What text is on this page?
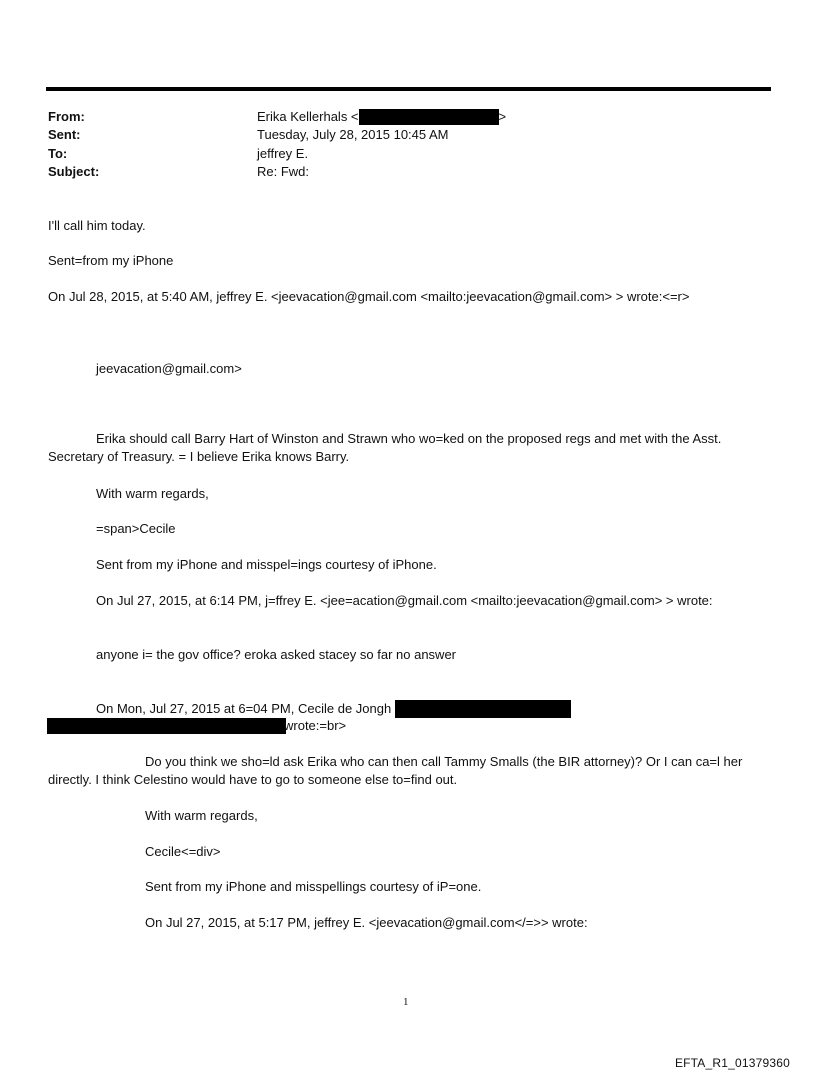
From:	Erika Kellerhals <	>
Sent:	Tuesday, July 28, 2015 10:45 AM
To:	jeffrey E.
Subject:	Re: Fwd:
I'll call him today.
Sent=from my iPhone
On Jul 28, 2015, at 5:40 AM, jeffrey E. <jeevacation@gmail.com <mailto:jeevacation@gmail.com> > wrote:<=r>
jeevacation@gmail.com>
Erika should call Barry Hart of Winston and Strawn who wo=ked on the proposed regs and met with the Asst.
Secretary of Treasury. = I believe Erika knows Barry.
With warm regards,
=span>Cecile
Sent from my iPhone and misspel=ings courtesy of iPhone.
On Jul 27, 2015, at 6:14 PM, j=ffrey E. <jee=acation@gmail.com <mailto:jeevacation@gmail.com> > wrote:
anyone i= the gov office? eroka asked stacey so far no answer
On Mon, Jul 27, 2015 at 6=04 PM, Cecile de Jongh
wrote:=br>
Do you think we sho=ld ask Erika who can then call Tammy Smalls (the BIR attorney)? Or I can ca=l her
directly. I think Celestino would have to go to someone else to=find out.
With warm regards,
Cecile<=div>
Sent from my iPhone and misspellings courtesy of iP=one.
On Jul 27, 2015, at 5:17 PM, jeffrey E. <jeevacation@gmail.com</=>> wrote:
1
EFTA_R1_01379360
